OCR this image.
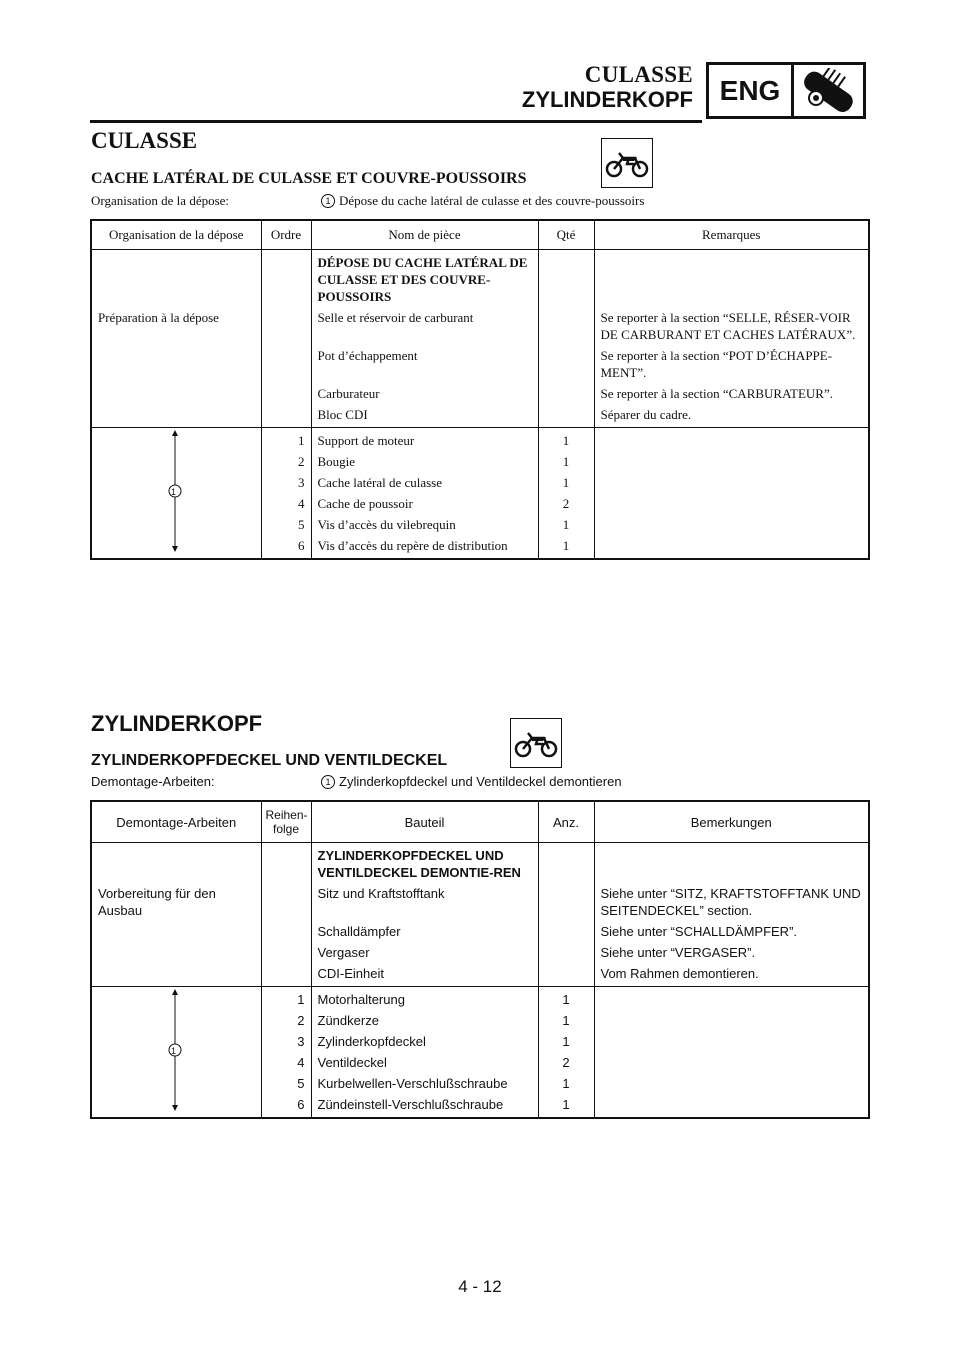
CULASSE
ZYLINDERKOPF ENG
CULASSE
CACHE LATÉRAL DE CULASSE ET COUVRE-POUSSOIRS
Organisation de la dépose:	1 Dépose du cache latéral de culasse et des couvre-poussoirs
Organisation de la dépose	Ordre	Nom de pièce	Qté	Remarques
		DÉPOSE DU CACHE LATÉRAL DE CULASSE ET DES COUVRE-POUSSOIRS		
Préparation à la dépose		Selle et réservoir de carburant		Se reporter à la section “SELLE, RÉSER-VOIR DE CARBURANT ET CACHES LATÉRAUX”.
		Pot d’échappement		Se reporter à la section “POT D’ÉCHAPPE-MENT”.
		Carburateur		Se reporter à la section “CARBURATEUR”.
		Bloc CDI		Séparer du cadre.

1	1	Support de moteur	1	
	2	Bougie	1	
	3	Cache latéral de culasse	1	
	4	Cache de poussoir	2	
	5	Vis d’accès du vilebrequin	1	
	6	Vis d’accès du repère de distribution	1	
ZYLINDERKOPF
ZYLINDERKOPFDECKEL UND VENTILDECKEL
Demontage-Arbeiten:	1 Zylinderkopfdeckel und Ventildeckel demontieren
Demontage-Arbeiten	Reihen-folge	Bauteil	Anz.	Bemerkungen
		ZYLINDERKOPFDECKEL UND VENTILDECKEL DEMONTIE-REN		
Vorbereitung für den Ausbau		Sitz und Kraftstofftank		Siehe unter “SITZ, KRAFTSTOFFTANK UND SEITENDECKEL” section.
		Schalldämpfer		Siehe unter “SCHALLDÄMPFER”.
		Vergaser		Siehe unter “VERGASER”.
		CDI-Einheit		Vom Rahmen demontieren.

1	1	Motorhalterung	1	
	2	Zündkerze	1	
	3	Zylinderkopfdeckel	1	
	4	Ventildeckel	2	
	5	Kurbelwellen-Verschlußschraube	1	
	6	Zündeinstell-Verschlußschraube	1	
4 - 12
